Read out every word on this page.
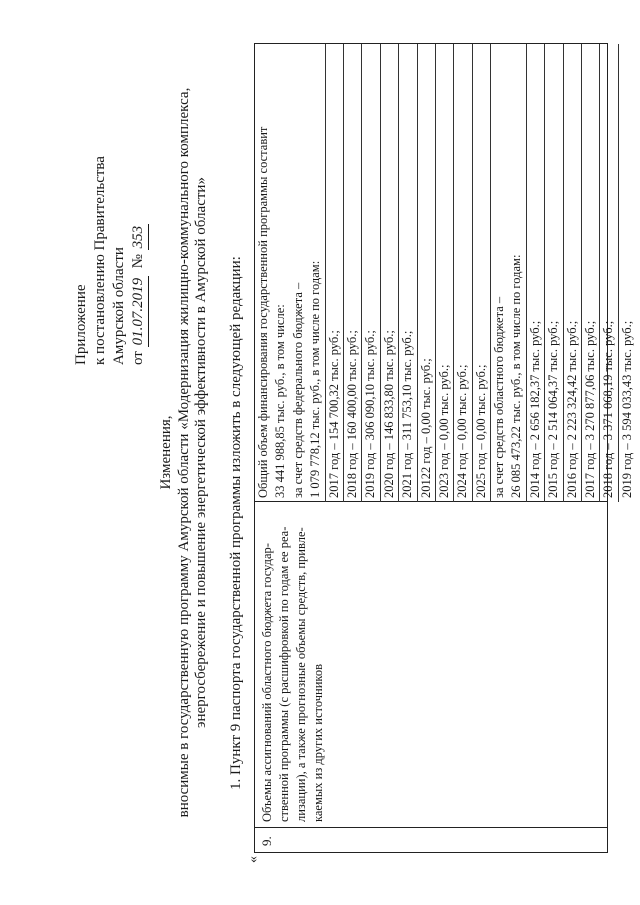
Приложение к постановлению Правительства Амурской области от 01.07.2019  № 353
Изменения, вносимые в государственную программу Амурской области «Модернизация жилищно-коммунального комплекса, энергосбережение и повышение энергетической эффективности в Амурской области» 1. Пункт 9 паспорта государственной программы изложить в следующей редакции:
«
9.
Объемы ассигнований областного бюджета государ- ственной программы (с расшифровкой по годам ее реа- лизации), а также прогнозные объемы средств, привле- каемых из других источников
Общий объем финансирования государственной программы составит 33 441 988,85 тыс. руб., в том числе: за счет средств федерального бюджета – 1 079 778,12 тыс. руб., в том числе по годам: 2017 год – 154 700,32 тыс. руб.; 2018 год – 160 400,00 тыс. руб.; 2019 год – 306 090,10 тыс. руб.; 2020 год – 146 833,80 тыс. руб.; 2021 год – 311 753,10 тыс. руб.; 20122 год – 0,00 тыс. руб.; 2023 год – 0,00 тыс. руб.; 2024 год – 0,00 тыс. руб.; 2025 год – 0,00 тыс. руб.; за счет средств областного бюджета – 26 085 473,22 тыс. руб., в том числе по годам: 2014 год – 2 656 182,37 тыс. руб.; 2015 год – 2 514 064,37 тыс. руб.; 2016 год – 2 223 324,42 тыс. руб.; 2017 год – 3 270 877,06 тыс. руб.; 2018 год – 3 371 068,19 тыс. руб.; 2019 год – 3 594 033,43 тыс. руб.;
